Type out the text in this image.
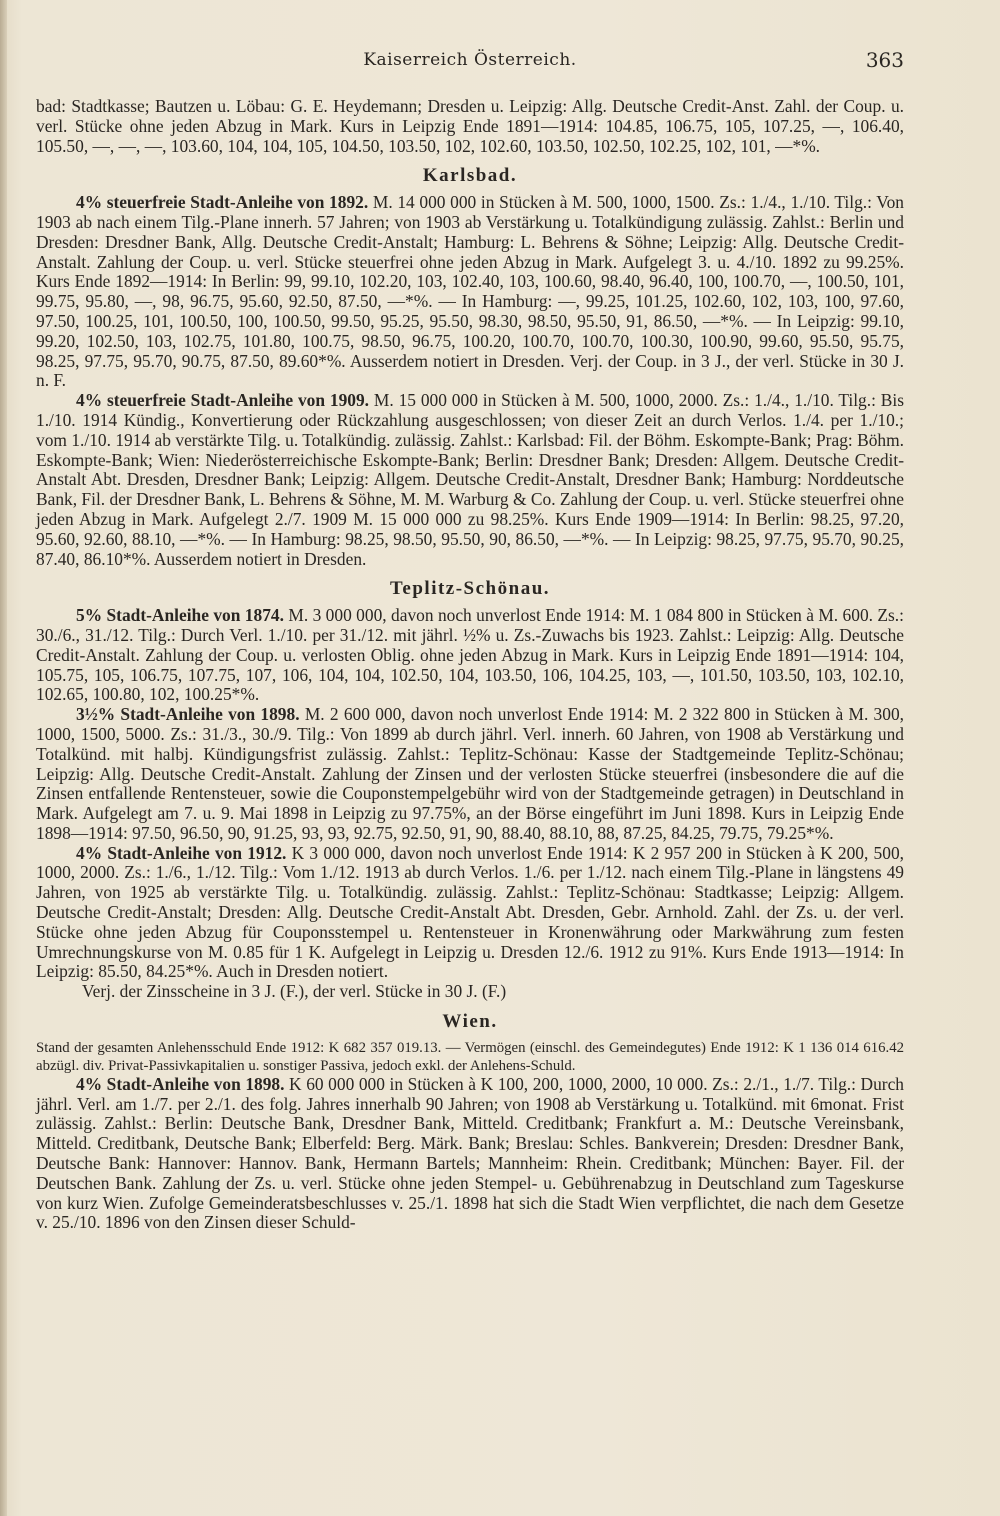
Kaiserreich Österreich.	363

bad: Stadtkasse; Bautzen u. Löbau: G. E. Heydemann; Dresden u. Leipzig: Allg. Deutsche Credit-Anst. Zahl. der Coup. u. verl. Stücke ohne jeden Abzug in Mark. Kurs in Leipzig Ende 1891—1914: 104.85, 106.75, 105, 107.25, —, 106.40, 105.50, —, —, —, 103.60, 104, 104, 105, 104.50, 103.50, 102, 102.60, 103.50, 102.50, 102.25, 102, 101, —*%.

Karlsbad.

4% steuerfreie Stadt-Anleihe von 1892. M. 14 000 000 in Stücken à M. 500, 1000, 1500. Zs.: 1./4., 1./10. Tilg.: Von 1903 ab nach einem Tilg.-Plane innerh. 57 Jahren; von 1903 ab Verstärkung u. Totalkündigung zulässig. Zahlst.: Berlin und Dresden: Dresdner Bank, Allg. Deutsche Credit-Anstalt; Hamburg: L. Behrens & Söhne; Leipzig: Allg. Deutsche Credit-Anstalt. Zahlung der Coup. u. verl. Stücke steuerfrei ohne jeden Abzug in Mark. Aufgelegt 3. u. 4./10. 1892 zu 99.25%. Kurs Ende 1892—1914: In Berlin: 99, 99.10, 102.20, 103, 102.40, 103, 100.60, 98.40, 96.40, 100, 100.70, —, 100.50, 101, 99.75, 95.80, —, 98, 96.75, 95.60, 92.50, 87.50, —*%. — In Hamburg: —, 99.25, 101.25, 102.60, 102, 103, 100, 97.60, 97.50, 100.25, 101, 100.50, 100, 100.50, 99.50, 95.25, 95.50, 98.30, 98.50, 95.50, 91, 86.50, —*%. — In Leipzig: 99.10, 99.20, 102.50, 103, 102.75, 101.80, 100.75, 98.50, 96.75, 100.20, 100.70, 100.70, 100.30, 100.90, 99.60, 95.50, 95.75, 98.25, 97.75, 95.70, 90.75, 87.50, 89.60*%. Ausserdem notiert in Dresden. Verj. der Coup. in 3 J., der verl. Stücke in 30 J. n. F.

4% steuerfreie Stadt-Anleihe von 1909. M. 15 000 000 in Stücken à M. 500, 1000, 2000. Zs.: 1./4., 1./10. Tilg.: Bis 1./10. 1914 Kündig., Konvertierung oder Rückzahlung ausgeschlossen; von dieser Zeit an durch Verlos. 1./4. per 1./10.; vom 1./10. 1914 ab verstärkte Tilg. u. Totalkündig. zulässig. Zahlst.: Karlsbad: Fil. der Böhm. Eskompte-Bank; Prag: Böhm. Eskompte-Bank; Wien: Niederösterreichische Eskompte-Bank; Berlin: Dresdner Bank; Dresden: Allgem. Deutsche Credit-Anstalt Abt. Dresden, Dresdner Bank; Leipzig: Allgem. Deutsche Credit-Anstalt, Dresdner Bank; Hamburg: Norddeutsche Bank, Fil. der Dresdner Bank, L. Behrens & Söhne, M. M. Warburg & Co. Zahlung der Coup. u. verl. Stücke steuerfrei ohne jeden Abzug in Mark. Aufgelegt 2./7. 1909 M. 15 000 000 zu 98.25%. Kurs Ende 1909—1914: In Berlin: 98.25, 97.20, 95.60, 92.60, 88.10, —*%. — In Hamburg: 98.25, 98.50, 95.50, 90, 86.50, —*%. — In Leipzig: 98.25, 97.75, 95.70, 90.25, 87.40, 86.10*%. Ausserdem notiert in Dresden.

Teplitz-Schönau.

5% Stadt-Anleihe von 1874. M. 3 000 000, davon noch unverlost Ende 1914: M. 1 084 800 in Stücken à M. 600. Zs.: 30./6., 31./12. Tilg.: Durch Verl. 1./10. per 31./12. mit jährl. ½% u. Zs.-Zuwachs bis 1923. Zahlst.: Leipzig: Allg. Deutsche Credit-Anstalt. Zahlung der Coup. u. verlosten Oblig. ohne jeden Abzug in Mark. Kurs in Leipzig Ende 1891—1914: 104, 105.75, 105, 106.75, 107.75, 107, 106, 104, 104, 102.50, 104, 103.50, 106, 104.25, 103, —, 101.50, 103.50, 103, 102.10, 102.65, 100.80, 102, 100.25*%.

3½% Stadt-Anleihe von 1898. M. 2 600 000, davon noch unverlost Ende 1914: M. 2 322 800 in Stücken à M. 300, 1000, 1500, 5000. Zs.: 31./3., 30./9. Tilg.: Von 1899 ab durch jährl. Verl. innerh. 60 Jahren, von 1908 ab Verstärkung und Totalkünd. mit halbj. Kündigungsfrist zulässig. Zahlst.: Teplitz-Schönau: Kasse der Stadtgemeinde Teplitz-Schönau; Leipzig: Allg. Deutsche Credit-Anstalt. Zahlung der Zinsen und der verlosten Stücke steuerfrei (insbesondere die auf die Zinsen entfallende Rentensteuer, sowie die Couponstempelgebühr wird von der Stadtgemeinde getragen) in Deutschland in Mark. Aufgelegt am 7. u. 9. Mai 1898 in Leipzig zu 97.75%, an der Börse eingeführt im Juni 1898. Kurs in Leipzig Ende 1898—1914: 97.50, 96.50, 90, 91.25, 93, 93, 92.75, 92.50, 91, 90, 88.40, 88.10, 88, 87.25, 84.25, 79.75, 79.25*%.

4% Stadt-Anleihe von 1912. K 3 000 000, davon noch unverlost Ende 1914: K 2 957 200 in Stücken à K 200, 500, 1000, 2000. Zs.: 1./6., 1./12. Tilg.: Vom 1./12. 1913 ab durch Verlos. 1./6. per 1./12. nach einem Tilg.-Plane in längstens 49 Jahren, von 1925 ab verstärkte Tilg. u. Totalkündig. zulässig. Zahlst.: Teplitz-Schönau: Stadtkasse; Leipzig: Allgem. Deutsche Credit-Anstalt; Dresden: Allg. Deutsche Credit-Anstalt Abt. Dresden, Gebr. Arnhold. Zahl. der Zs. u. der verl. Stücke ohne jeden Abzug für Couponsstempel u. Rentensteuer in Kronenwährung oder Markwährung zum festen Umrechnungskurse von M. 0.85 für 1 K. Aufgelegt in Leipzig u. Dresden 12./6. 1912 zu 91%. Kurs Ende 1913—1914: In Leipzig: 85.50, 84.25*%. Auch in Dresden notiert.

Verj. der Zinsscheine in 3 J. (F.), der verl. Stücke in 30 J. (F.)

Wien.

Stand der gesamten Anlehensschuld Ende 1912: K 682 357 019.13. — Vermögen (einschl. des Gemeindegutes) Ende 1912: K 1 136 014 616.42 abzügl. div. Privat-Passivkapitalien u. sonstiger Passiva, jedoch exkl. der Anlehens-Schuld.

4% Stadt-Anleihe von 1898. K 60 000 000 in Stücken à K 100, 200, 1000, 2000, 10 000. Zs.: 2./1., 1./7. Tilg.: Durch jährl. Verl. am 1./7. per 2./1. des folg. Jahres innerhalb 90 Jahren; von 1908 ab Verstärkung u. Totalkünd. mit 6monat. Frist zulässig. Zahlst.: Berlin: Deutsche Bank, Dresdner Bank, Mitteld. Creditbank; Frankfurt a. M.: Deutsche Vereinsbank, Mitteld. Creditbank, Deutsche Bank; Elberfeld: Berg. Märk. Bank; Breslau: Schles. Bankverein; Dresden: Dresdner Bank, Deutsche Bank: Hannover: Hannov. Bank, Hermann Bartels; Mannheim: Rhein. Creditbank; München: Bayer. Fil. der Deutschen Bank. Zahlung der Zs. u. verl. Stücke ohne jeden Stempel- u. Gebührenabzug in Deutschland zum Tageskurse von kurz Wien. Zufolge Gemeinderatsbeschlusses v. 25./1. 1898 hat sich die Stadt Wien verpflichtet, die nach dem Gesetze v. 25./10. 1896 von den Zinsen dieser Schuld-
